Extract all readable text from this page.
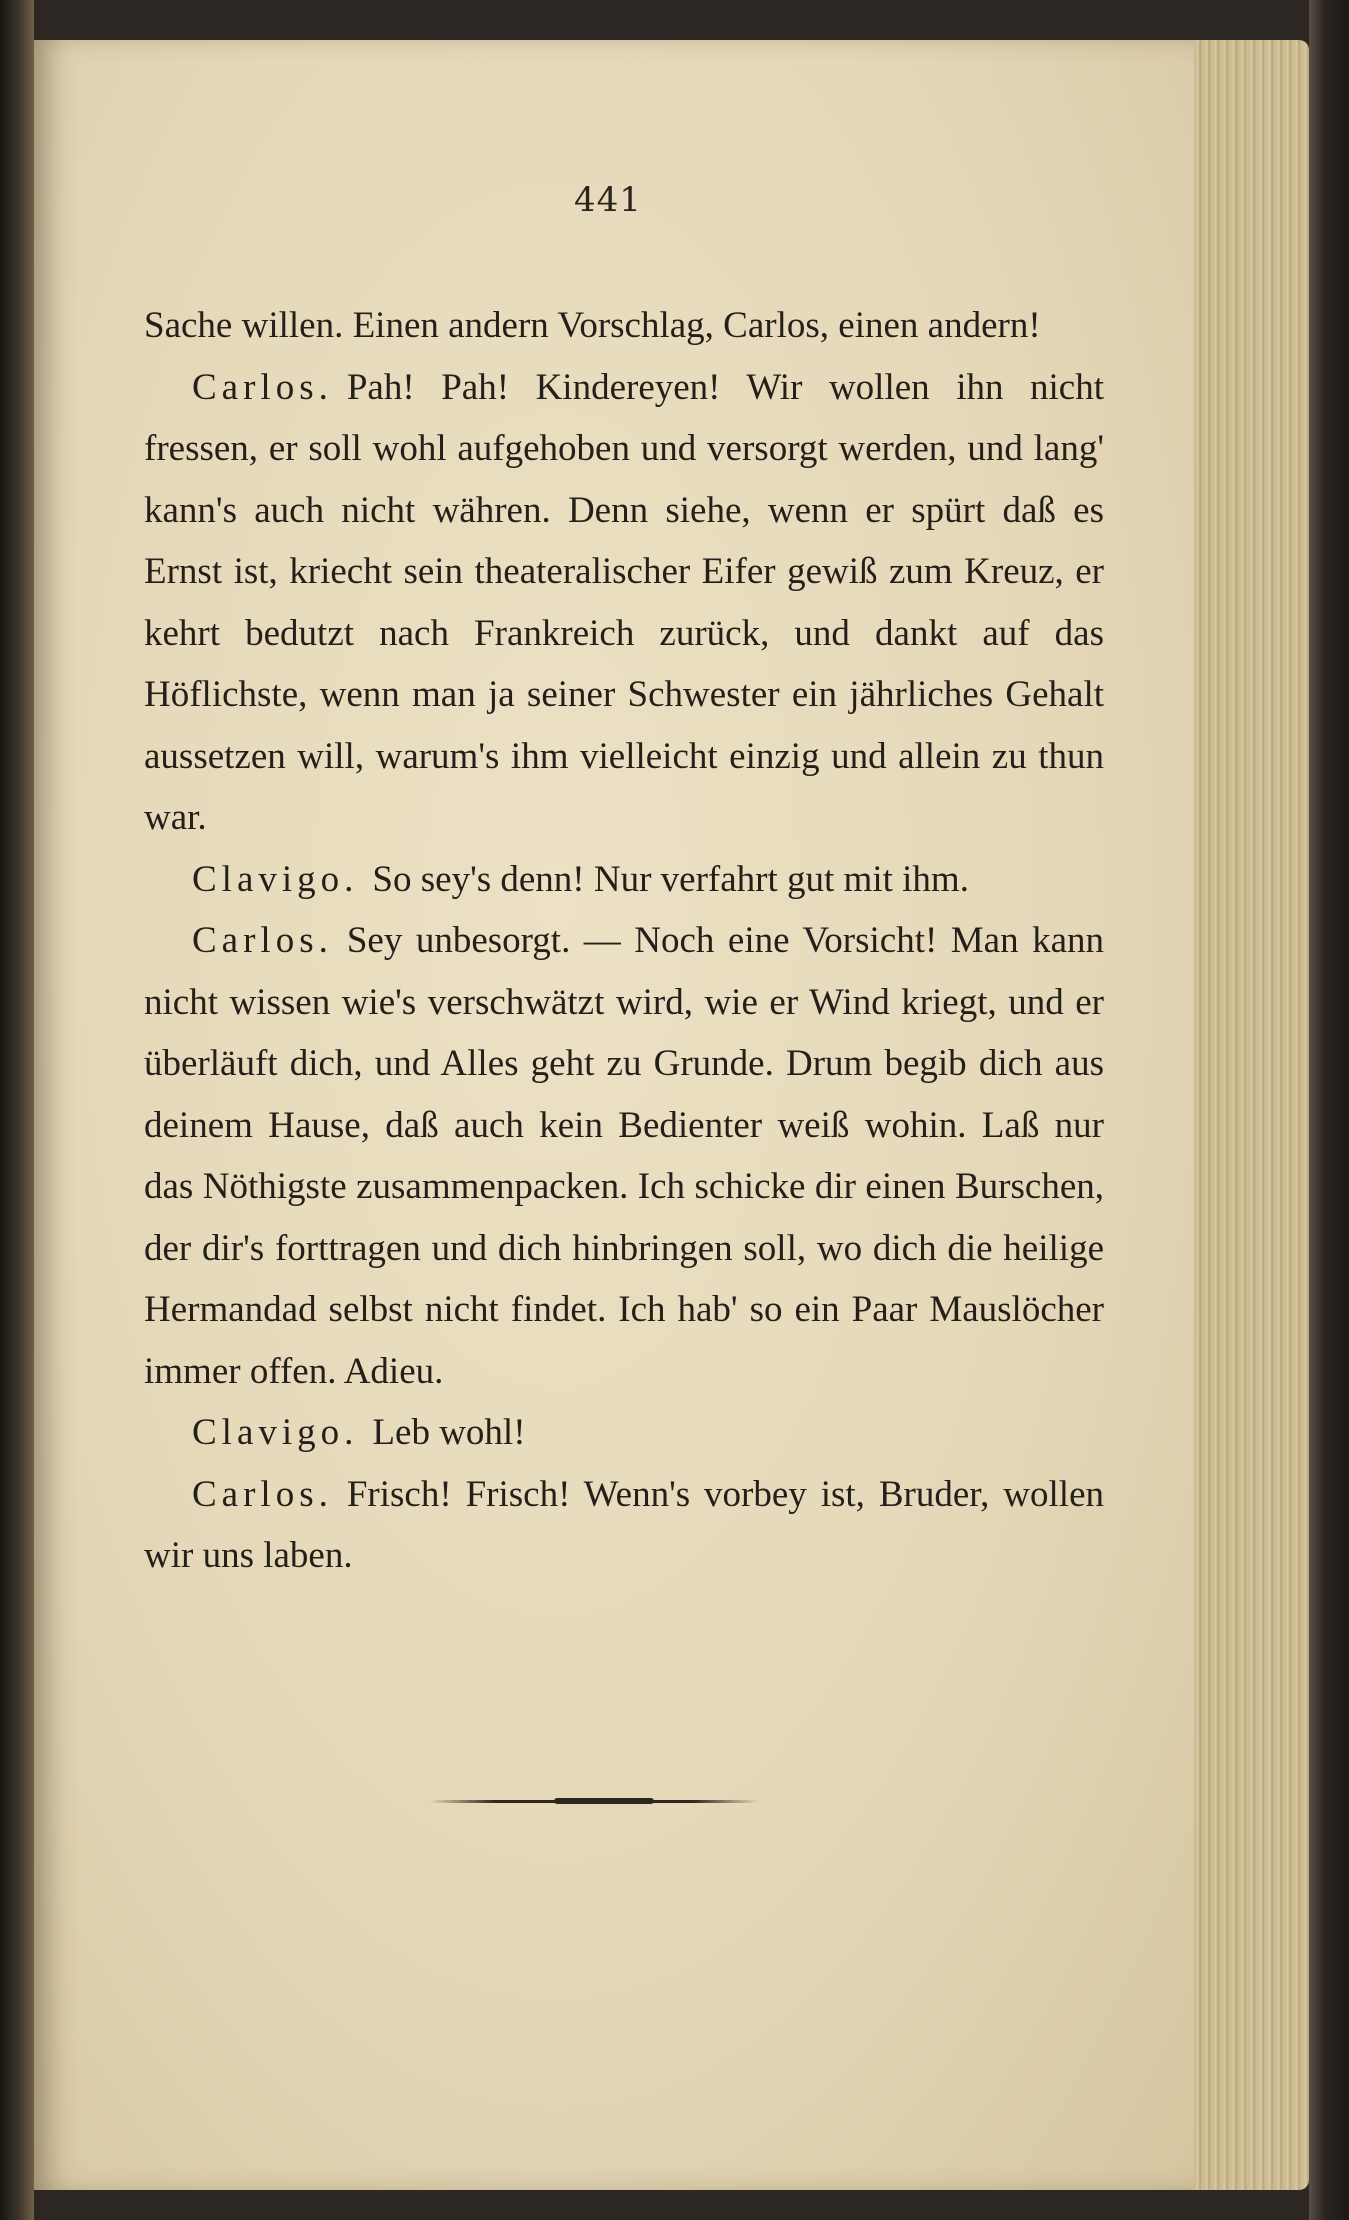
441

Sache willen. Einen andern Vorschlag, Carlos, einen andern!

Carlos. Pah! Pah! Kindereyen! Wir wollen ihn nicht fressen, er soll wohl aufgehoben und versorgt werden, und lang' kann's auch nicht währen. Denn siehe, wenn er spürt daß es Ernst ist, kriecht sein theateralischer Eifer gewiß zum Kreuz, er kehrt bedutzt nach Frankreich zurück, und dankt auf das Höflichste, wenn man ja seiner Schwester ein jährliches Gehalt aussetzen will, warum's ihm vielleicht einzig und allein zu thun war.

Clavigo. So sey's denn! Nur verfahrt gut mit ihm.

Carlos. Sey unbesorgt. — Noch eine Vorsicht! Man kann nicht wissen wie's verschwätzt wird, wie er Wind kriegt, und er überläuft dich, und Alles geht zu Grunde. Drum begib dich aus deinem Hause, daß auch kein Bedienter weiß wohin. Laß nur das Nöthigste zusammenpacken. Ich schicke dir einen Burschen, der dir's forttragen und dich hinbringen soll, wo dich die heilige Hermandad selbst nicht findet. Ich hab' so ein Paar Mauslöcher immer offen. Adieu.

Clavigo. Leb wohl!

Carlos. Frisch! Frisch! Wenn's vorbey ist, Bruder, wollen wir uns laben.
